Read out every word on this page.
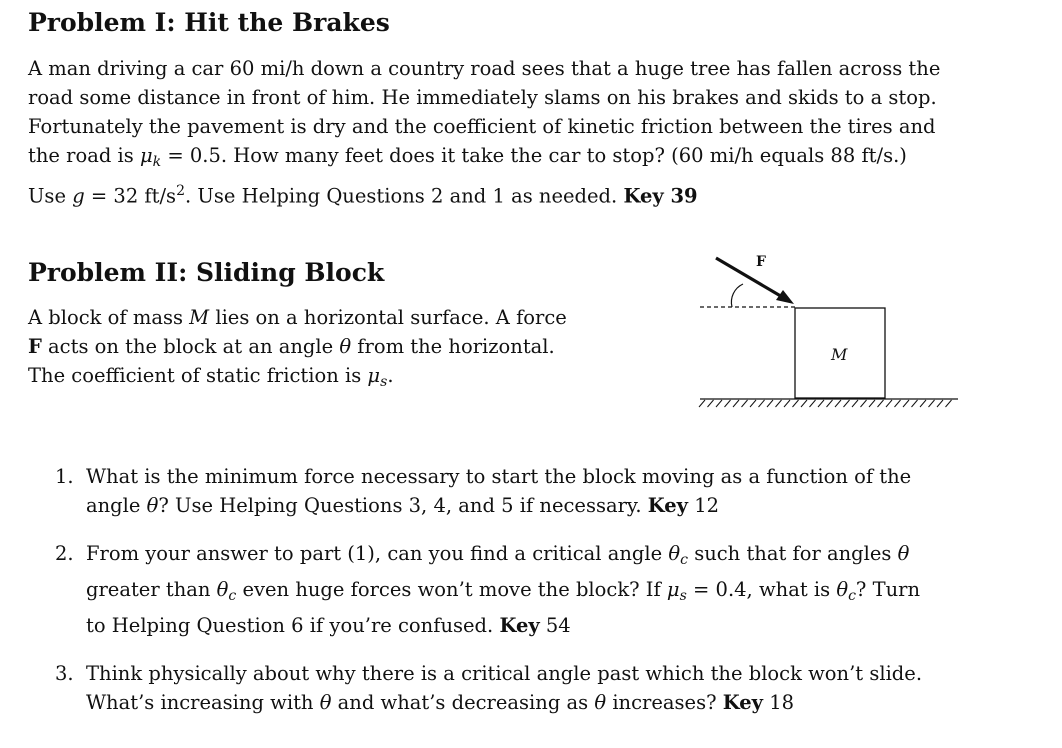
Problem I: Hit the Brakes
A man driving a car 60 mi/h down a country road sees that a huge tree has fallen across the
road some distance in front of him. He immediately slams on his brakes and skids to a stop.
Fortunately the pavement is dry and the coefficient of kinetic friction between the tires and
the road is $\mu_k = 0.5$. How many feet does it take the car to stop? (60 mi/h equals 88 ft/s.)
Use g = 32 $ft/s^2$. Use Helping Questions 2 and 1 as needed. Key 39
Problem II: Sliding Block
A block of mass M lies on a horizontal surface. A force
F acts on the block at an angle θ from the horizontal.
The coefficient of static friction is $\mu_s$.
F
M
1. What is the minimum force necessary to start the block moving as a function of the
angle θ? Use Helping Questions 3, 4, and 5 if necessary. Key 12
2. From your answer to part (1), can you find a critical angle $\theta_c$ such that for angles θ
greater than $\theta_c$ even huge forces won’t move the block? If $\mu_s = 0.4$, what is $\theta_c$? Turn
to Helping Question 6 if you’re confused. Key 54
3. Think physically about why there is a critical angle past which the block won’t slide.
What’s increasing with θ and what’s decreasing as θ increases? Key 18
